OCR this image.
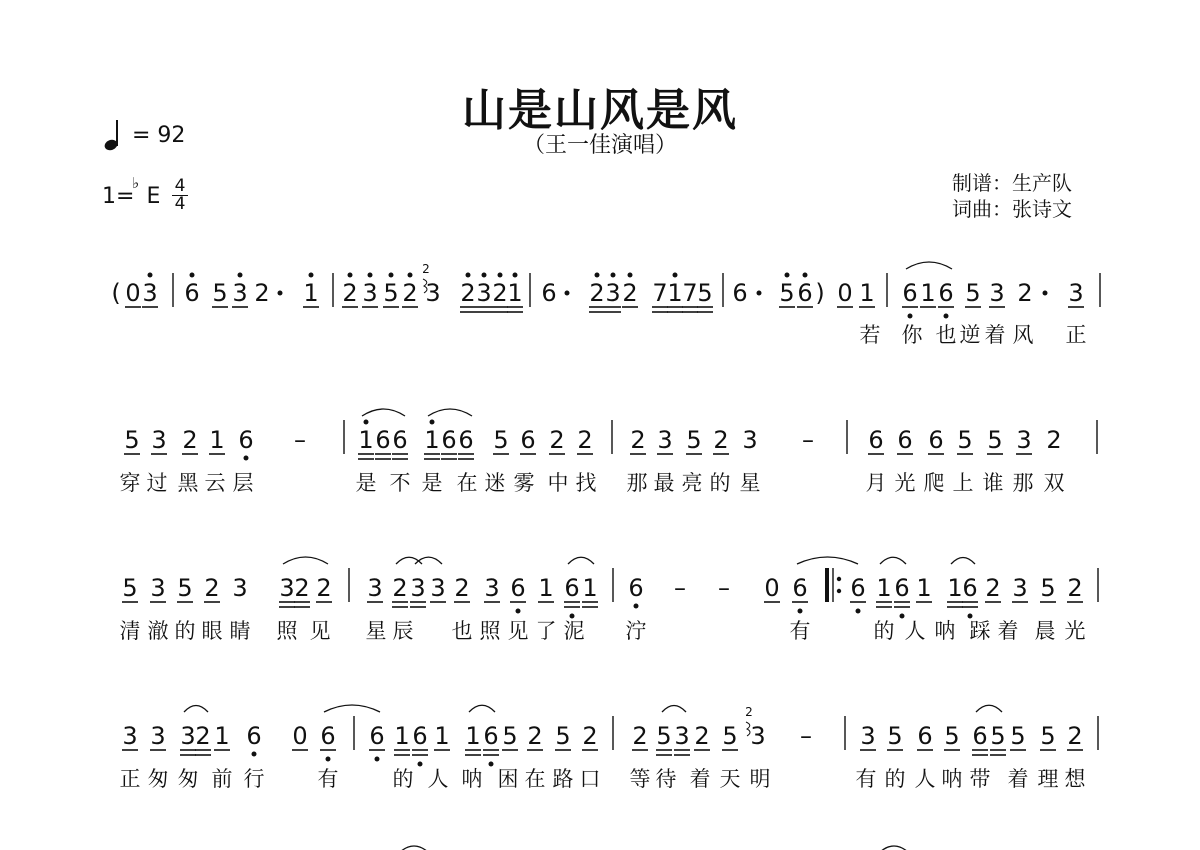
山是山风是风
（王一佳演唱）
= 92
1= E
♭ 4
4
制谱：生产队
词曲：张诗文
( 0 3 6 5 3 2 1 2 3 5 2 3 2 3 2 1 6 2 3 2 7 1 7 5 6 5 6 ) 0 1 6 1 6 5 3 2 3
若 你 也 逆 着 风 正
5 3 2 1 6 – 1 6 6 1 6 6 5 6 2 2 2 3 5 2 3 – 6 6 6 5 5 3 2
穿 过 黑 云 层	是 不 是 在 迷 雾 中 找 那 最 亮 的 星	月 光 爬 上 谁 那 双
5 3 5 2 3 3 2 2 3 2 3 3 2 3 6 1 6 1 6 – – 0 6 6 1 6 1 1 6 2 3 5 2
清 澈 的 眼 睛 照 见 星 辰 也 照 见 了 泥 泞	有	的 人 呐 踩 着 晨 光
3 3 3 2 1 6 0 6 6 1 6 1 1 6 5 2 5 2 2 5 3 2 5 3 – 3 5 6 5 6 5 5 5 2
正 匆 匆 前 行	有	的 人 呐 困 在 路 口 等 待 着 天 明	有 的 人 呐 带 着 理 想
2
2
